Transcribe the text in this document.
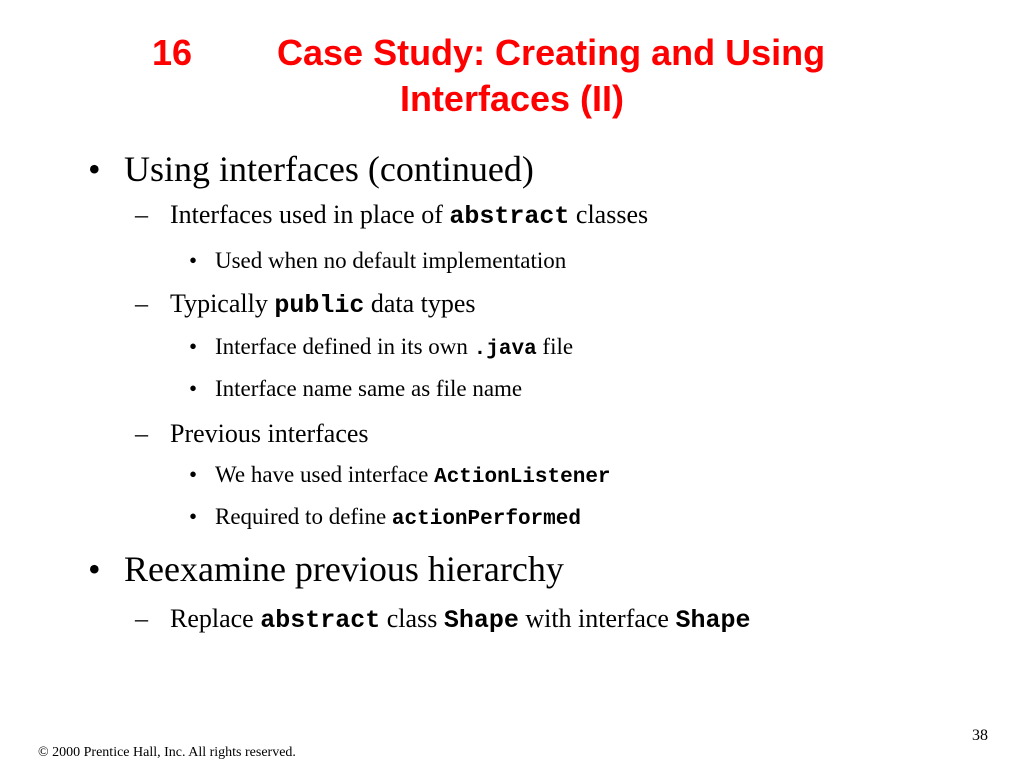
16 Case Study: Creating and Using
Interfaces (II)
• Using interfaces (continued)
– Interfaces used in place of abstract classes
• Used when no default implementation
– Typically public data types
• Interface defined in its own .java file
• Interface name same as file name
– Previous interfaces
• We have used interface ActionListener
• Required to define actionPerformed
• Reexamine previous hierarchy
– Replace abstract class Shape with interface Shape
© 2000 Prentice Hall, Inc. All rights reserved.
38
